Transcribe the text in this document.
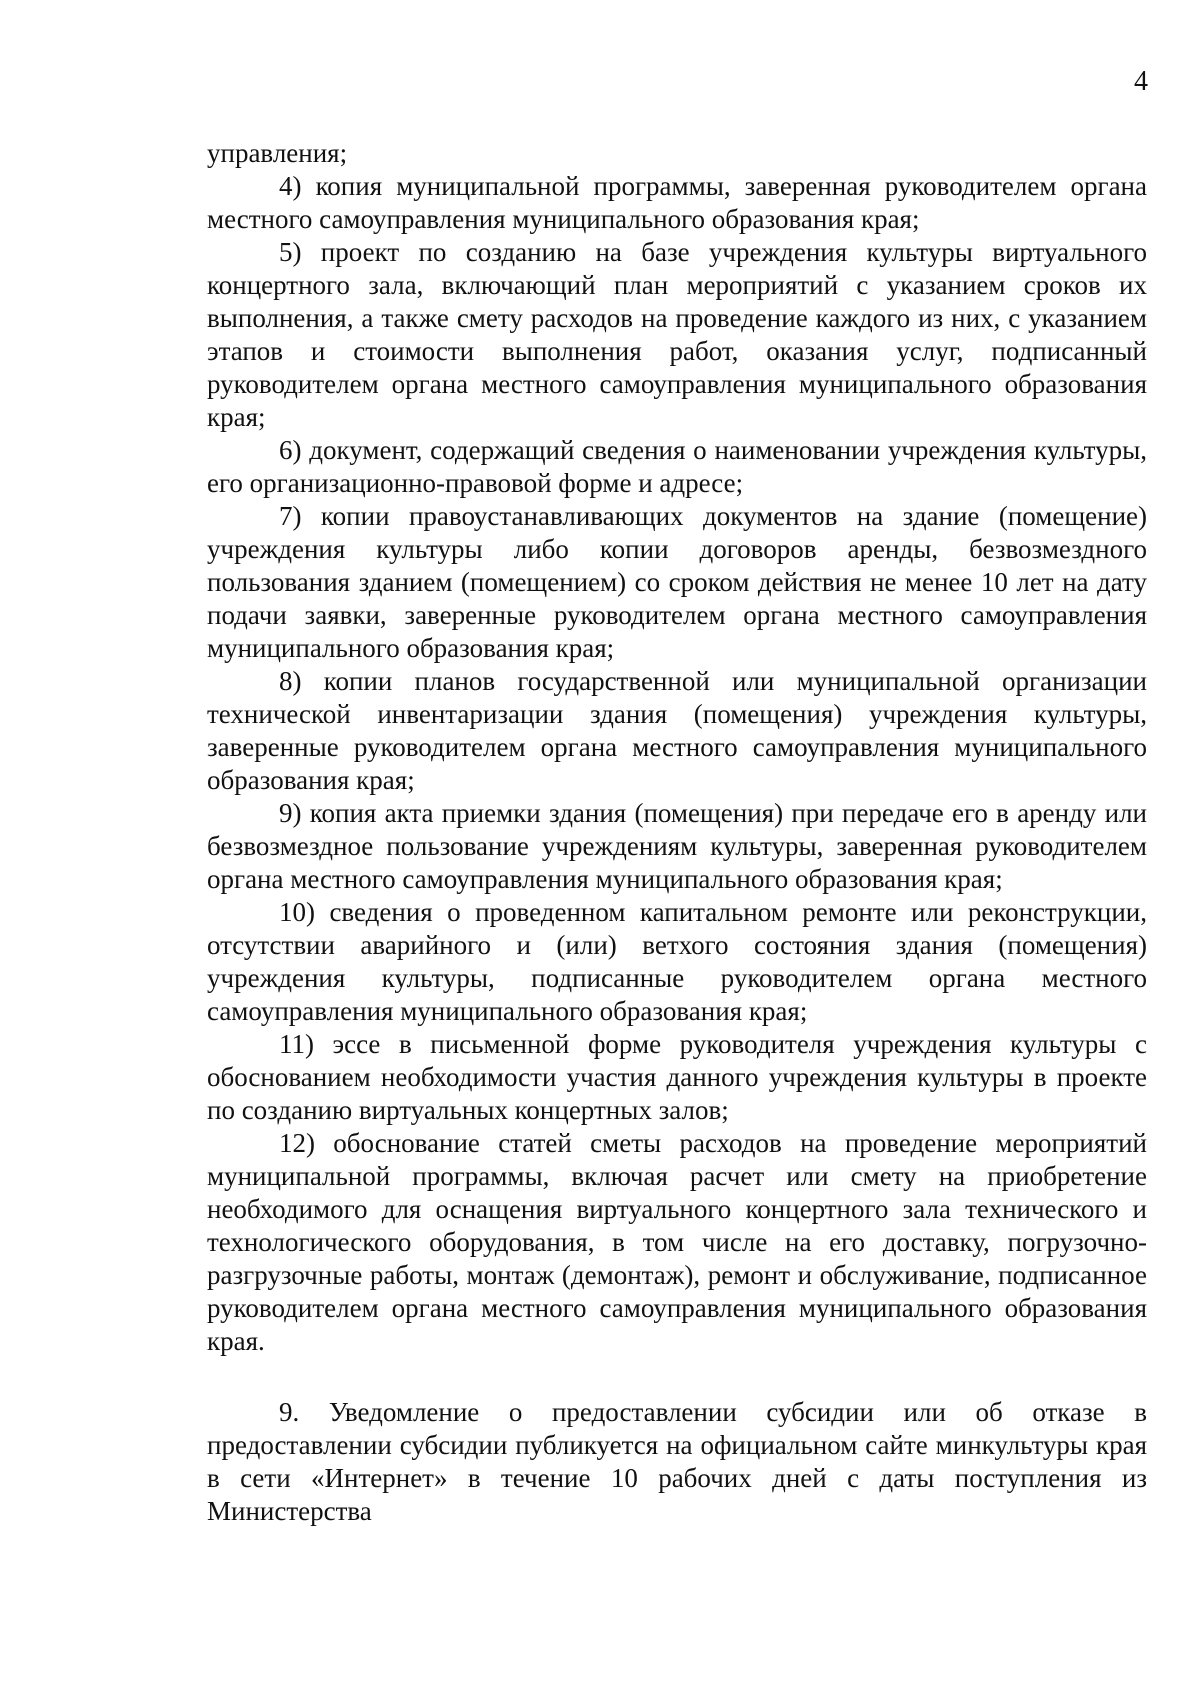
4

управления;

4) копия муниципальной программы, заверенная руководителем органа местного самоуправления муниципального образования края;

5) проект по созданию на базе учреждения культуры виртуального концертного зала, включающий план мероприятий с указанием сроков их выполнения, а также смету расходов на проведение каждого из них, с указанием этапов и стоимости выполнения работ, оказания услуг, подписанный руководителем органа местного самоуправления муниципального образования края;

6) документ, содержащий сведения о наименовании учреждения культуры, его организационно-правовой форме и адресе;

7) копии правоустанавливающих документов на здание (помещение) учреждения культуры либо копии договоров аренды, безвозмездного пользования зданием (помещением) со сроком действия не менее 10 лет на дату подачи заявки, заверенные руководителем органа местного самоуправления муниципального образования края;

8) копии планов государственной или муниципальной организации технической инвентаризации здания (помещения) учреждения культуры, заверенные руководителем органа местного самоуправления муниципального образования края;

9) копия акта приемки здания (помещения) при передаче его в аренду или безвозмездное пользование учреждениям культуры, заверенная руководителем органа местного самоуправления муниципального образования края;

10) сведения о проведенном капитальном ремонте или реконструкции, отсутствии аварийного и (или) ветхого состояния здания (помещения) учреждения культуры, подписанные руководителем органа местного самоуправления муниципального образования края;

11) эссе в письменной форме руководителя учреждения культуры с обоснованием необходимости участия данного учреждения культуры в проекте по созданию виртуальных концертных залов;

12) обоснование статей сметы расходов на проведение мероприятий муниципальной программы, включая расчет или смету на приобретение необходимого для оснащения виртуального концертного зала технического и технологического оборудования, в том числе на его доставку, погрузочно-разгрузочные работы, монтаж (демонтаж), ремонт и обслуживание, подписанное руководителем органа местного самоуправления муниципального образования края.

9. Уведомление о предоставлении субсидии или об отказе в предоставлении субсидии публикуется на официальном сайте минкультуры края в сети «Интернет» в течение 10 рабочих дней с даты поступления из Министерства
